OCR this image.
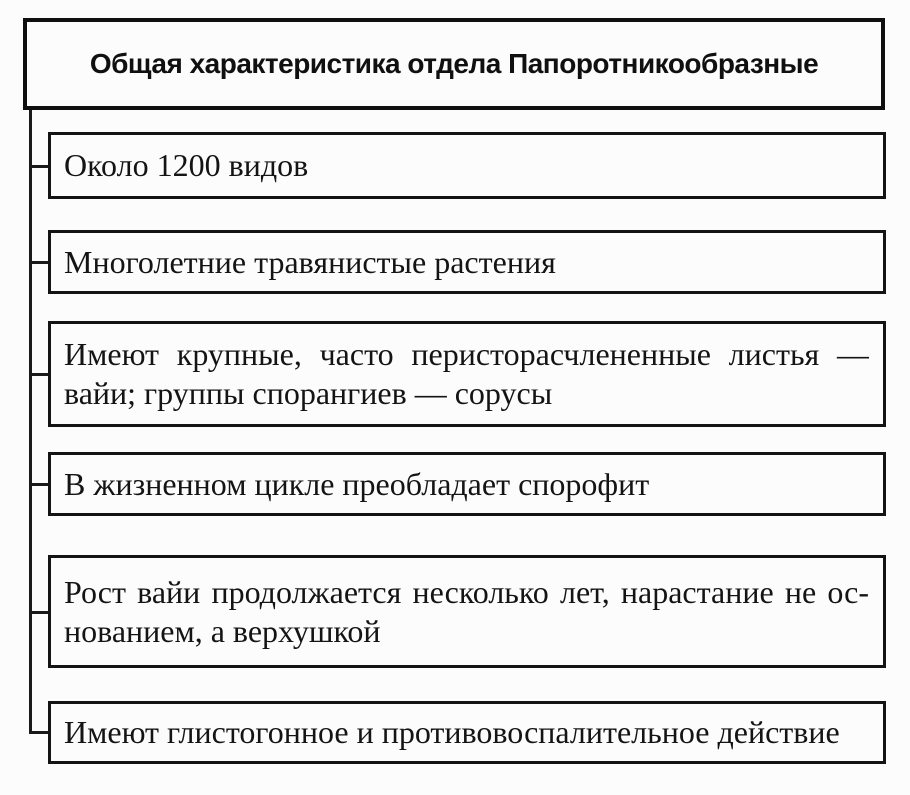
Общая характеристика отдела Папоротникообразные
Около 1200 видов
Многолетние травянистые растения
Имеют крупные, часто перисторасчлененные листья —
вайи; группы спорангиев — сорусы
В жизненном цикле преобладает спорофит
Рост вайи продолжается несколько лет, нарастание не ос-
нованием, а верхушкой
Имеют глистогонное и противовоспалительное действие
